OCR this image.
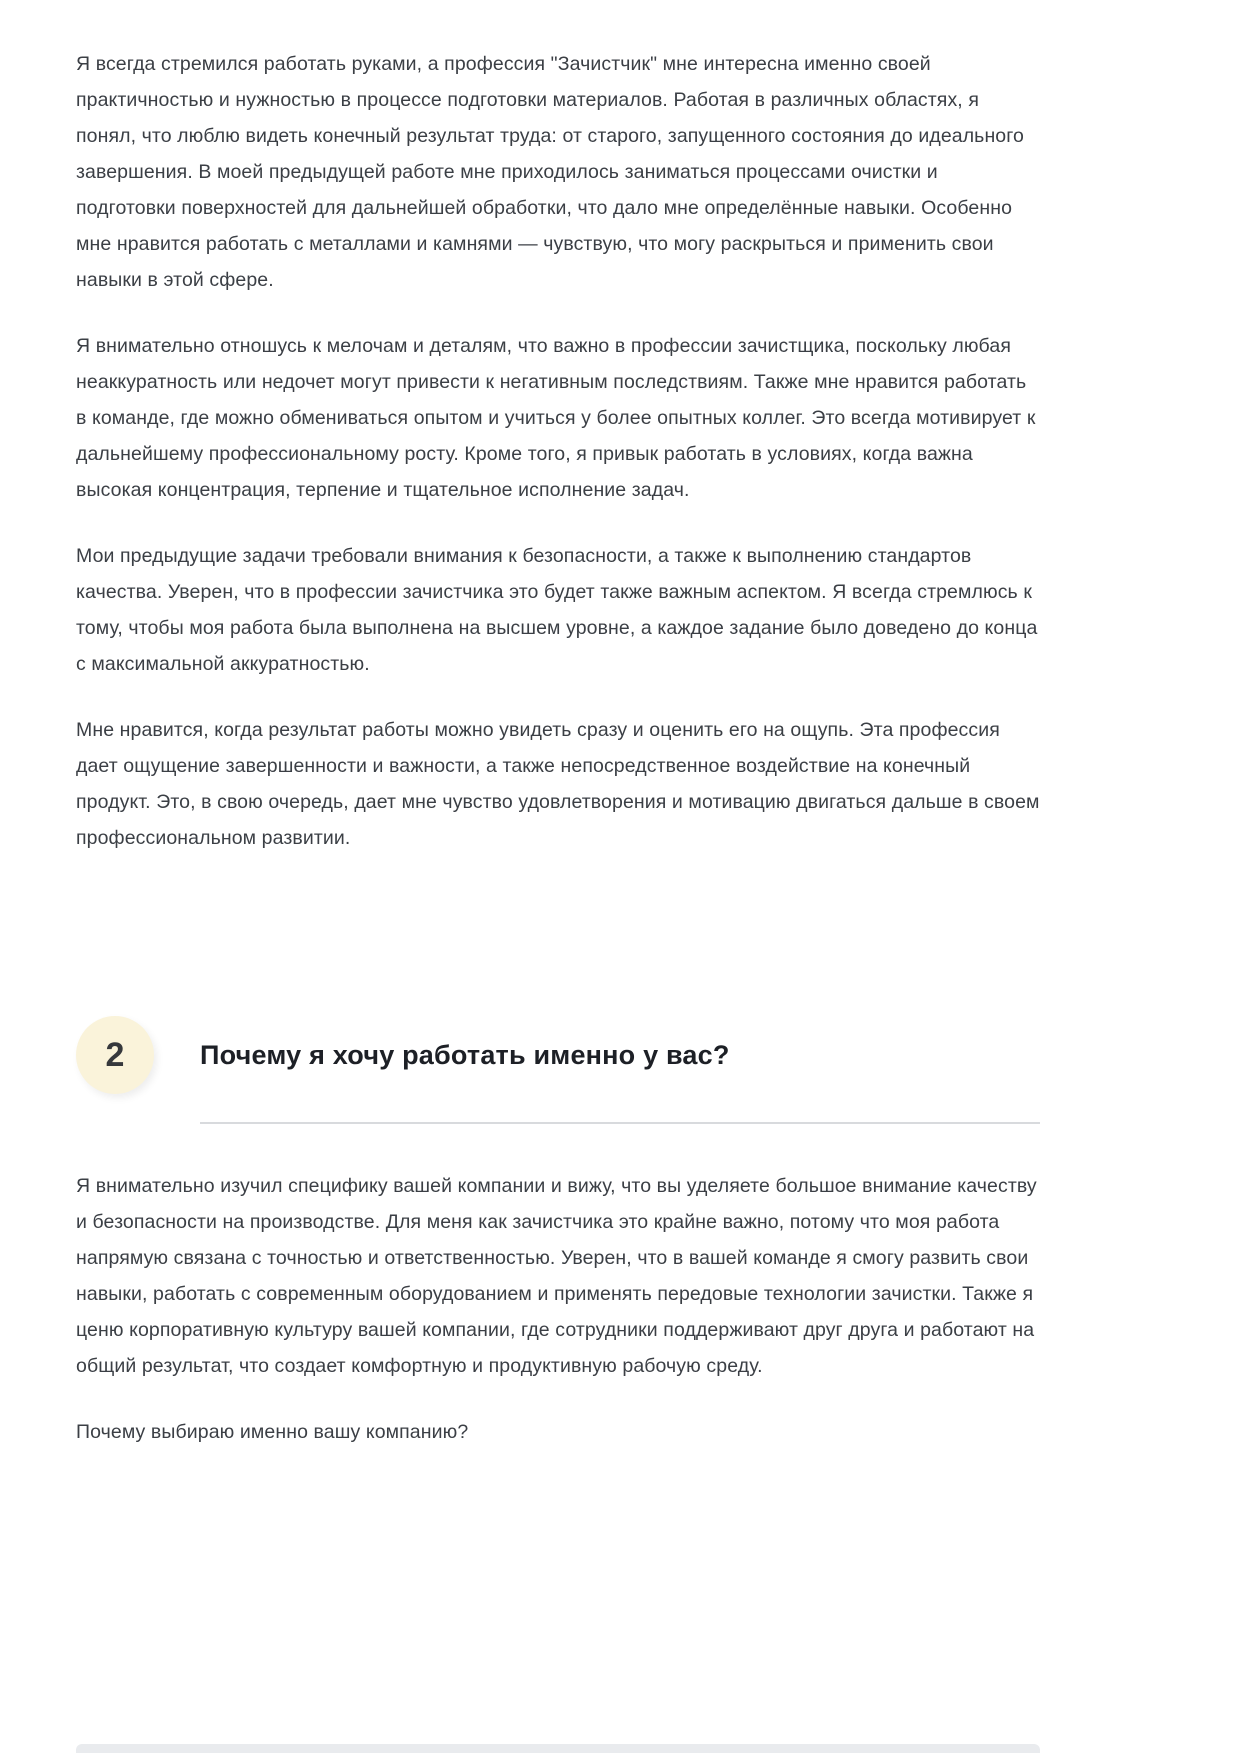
Я всегда стремился работать руками, а профессия "Зачистчик" мне интересна именно своей практичностью и нужностью в процессе подготовки материалов. Работая в различных областях, я понял, что люблю видеть конечный результат труда: от старого, запущенного состояния до идеального завершения. В моей предыдущей работе мне приходилось заниматься процессами очистки и подготовки поверхностей для дальнейшей обработки, что дало мне определённые навыки. Особенно мне нравится работать с металлами и камнями — чувствую, что могу раскрыться и применить свои навыки в этой сфере.

Я внимательно отношусь к мелочам и деталям, что важно в профессии зачистщика, поскольку любая неаккуратность или недочет могут привести к негативным последствиям. Также мне нравится работать в команде, где можно обмениваться опытом и учиться у более опытных коллег. Это всегда мотивирует к дальнейшему профессиональному росту. Кроме того, я привык работать в условиях, когда важна высокая концентрация, терпение и тщательное исполнение задач.

Мои предыдущие задачи требовали внимания к безопасности, а также к выполнению стандартов качества. Уверен, что в профессии зачистчика это будет также важным аспектом. Я всегда стремлюсь к тому, чтобы моя работа была выполнена на высшем уровне, а каждое задание было доведено до конца с максимальной аккуратностью.

Мне нравится, когда результат работы можно увидеть сразу и оценить его на ощупь. Эта профессия дает ощущение завершенности и важности, а также непосредственное воздействие на конечный продукт. Это, в свою очередь, дает мне чувство удовлетворения и мотивацию двигаться дальше в своем профессиональном развитии.

2	Почему я хочу работать именно у вас?

Я внимательно изучил специфику вашей компании и вижу, что вы уделяете большое внимание качеству и безопасности на производстве. Для меня как зачистчика это крайне важно, потому что моя работа напрямую связана с точностью и ответственностью. Уверен, что в вашей команде я смогу развить свои навыки, работать с современным оборудованием и применять передовые технологии зачистки. Также я ценю корпоративную культуру вашей компании, где сотрудники поддерживают друг друга и работают на общий результат, что создает комфортную и продуктивную рабочую среду.

Почему выбираю именно вашу компанию?
